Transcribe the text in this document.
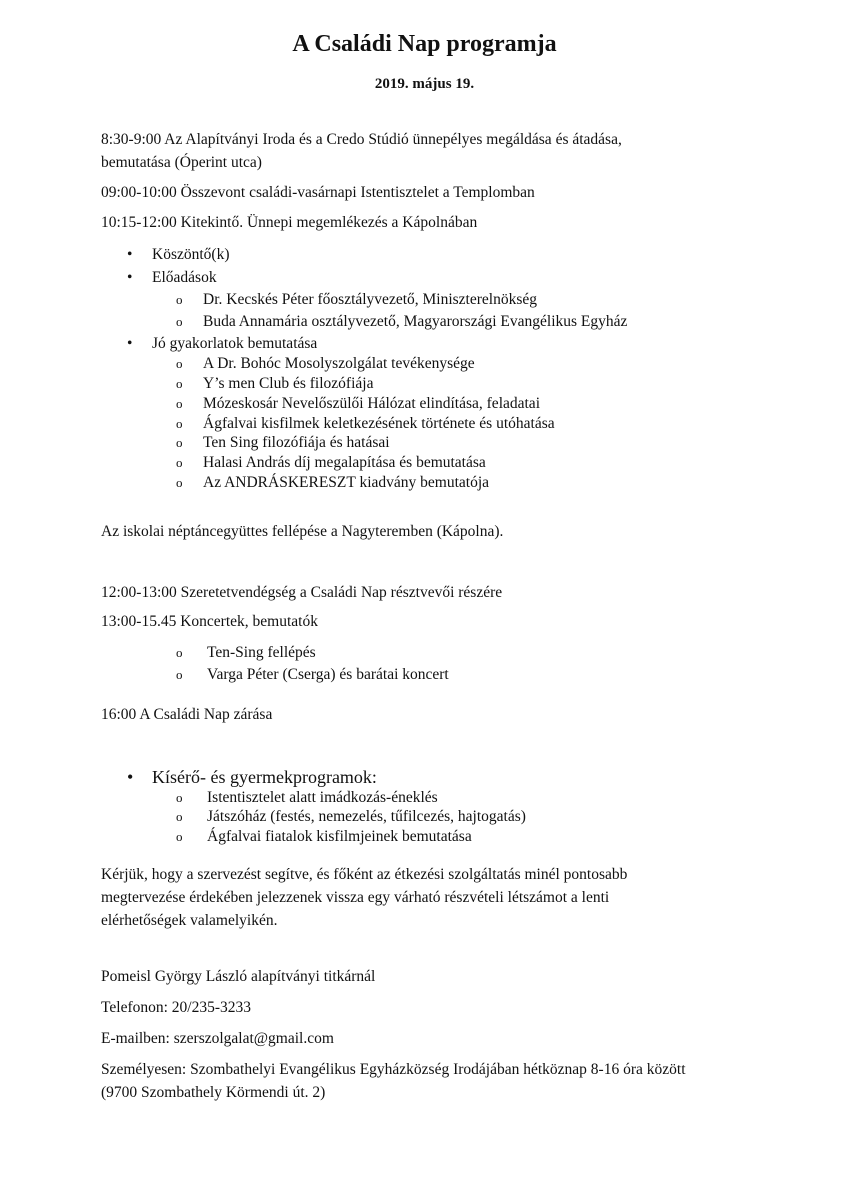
A Családi Nap programja
2019. május 19.
8:30-9:00 Az Alapítványi Iroda és a Credo Stúdió ünnepélyes megáldása és átadása,
bemutatása (Óperint utca)
09:00-10:00 Összevont családi-vasárnapi Istentisztelet a Templomban
10:15-12:00 Kitekintő. Ünnepi megemlékezés a Kápolnában
• Köszöntő(k)
• Előadások
o Dr. Kecskés Péter főosztályvezető, Miniszterelnökség
o Buda Annamária osztályvezető, Magyarországi Evangélikus Egyház
• Jó gyakorlatok bemutatása
o A Dr. Bohóc Mosolyszolgálat tevékenysége
o Y’s men Club és filozófiája
o Mózeskosár Nevelőszülői Hálózat elindítása, feladatai
o Ágfalvai kisfilmek keletkezésének története és utóhatása
o Ten Sing filozófiája és hatásai
o Halasi András díj megalapítása és bemutatása
o Az ANDRÁSKERESZT kiadvány bemutatója
Az iskolai néptáncegyüttes fellépése a Nagyteremben (Kápolna).
12:00-13:00 Szeretetvendégség a Családi Nap résztvevői részére
13:00-15.45 Koncertek, bemutatók
o Ten-Sing fellépés
o Varga Péter (Cserga) és barátai koncert
16:00 A Családi Nap zárása
• Kísérő- és gyermekprogramok:
o Istentisztelet alatt imádkozás-éneklés
o Játszóház (festés, nemezelés, tűfilcezés, hajtogatás)
o Ágfalvai fiatalok kisfilmjeinek bemutatása
Kérjük, hogy a szervezést segítve, és főként az étkezési szolgáltatás minél pontosabb
megtervezése érdekében jelezzenek vissza egy várható részvételi létszámot a lenti
elérhetőségek valamelyikén.
Pomeisl György László alapítványi titkárnál
Telefonon: 20/235-3233
E-mailben: szerszolgalat@gmail.com
Személyesen: Szombathelyi Evangélikus Egyházközség Irodájában hétköznap 8-16 óra között
(9700 Szombathely Körmendi út. 2)
